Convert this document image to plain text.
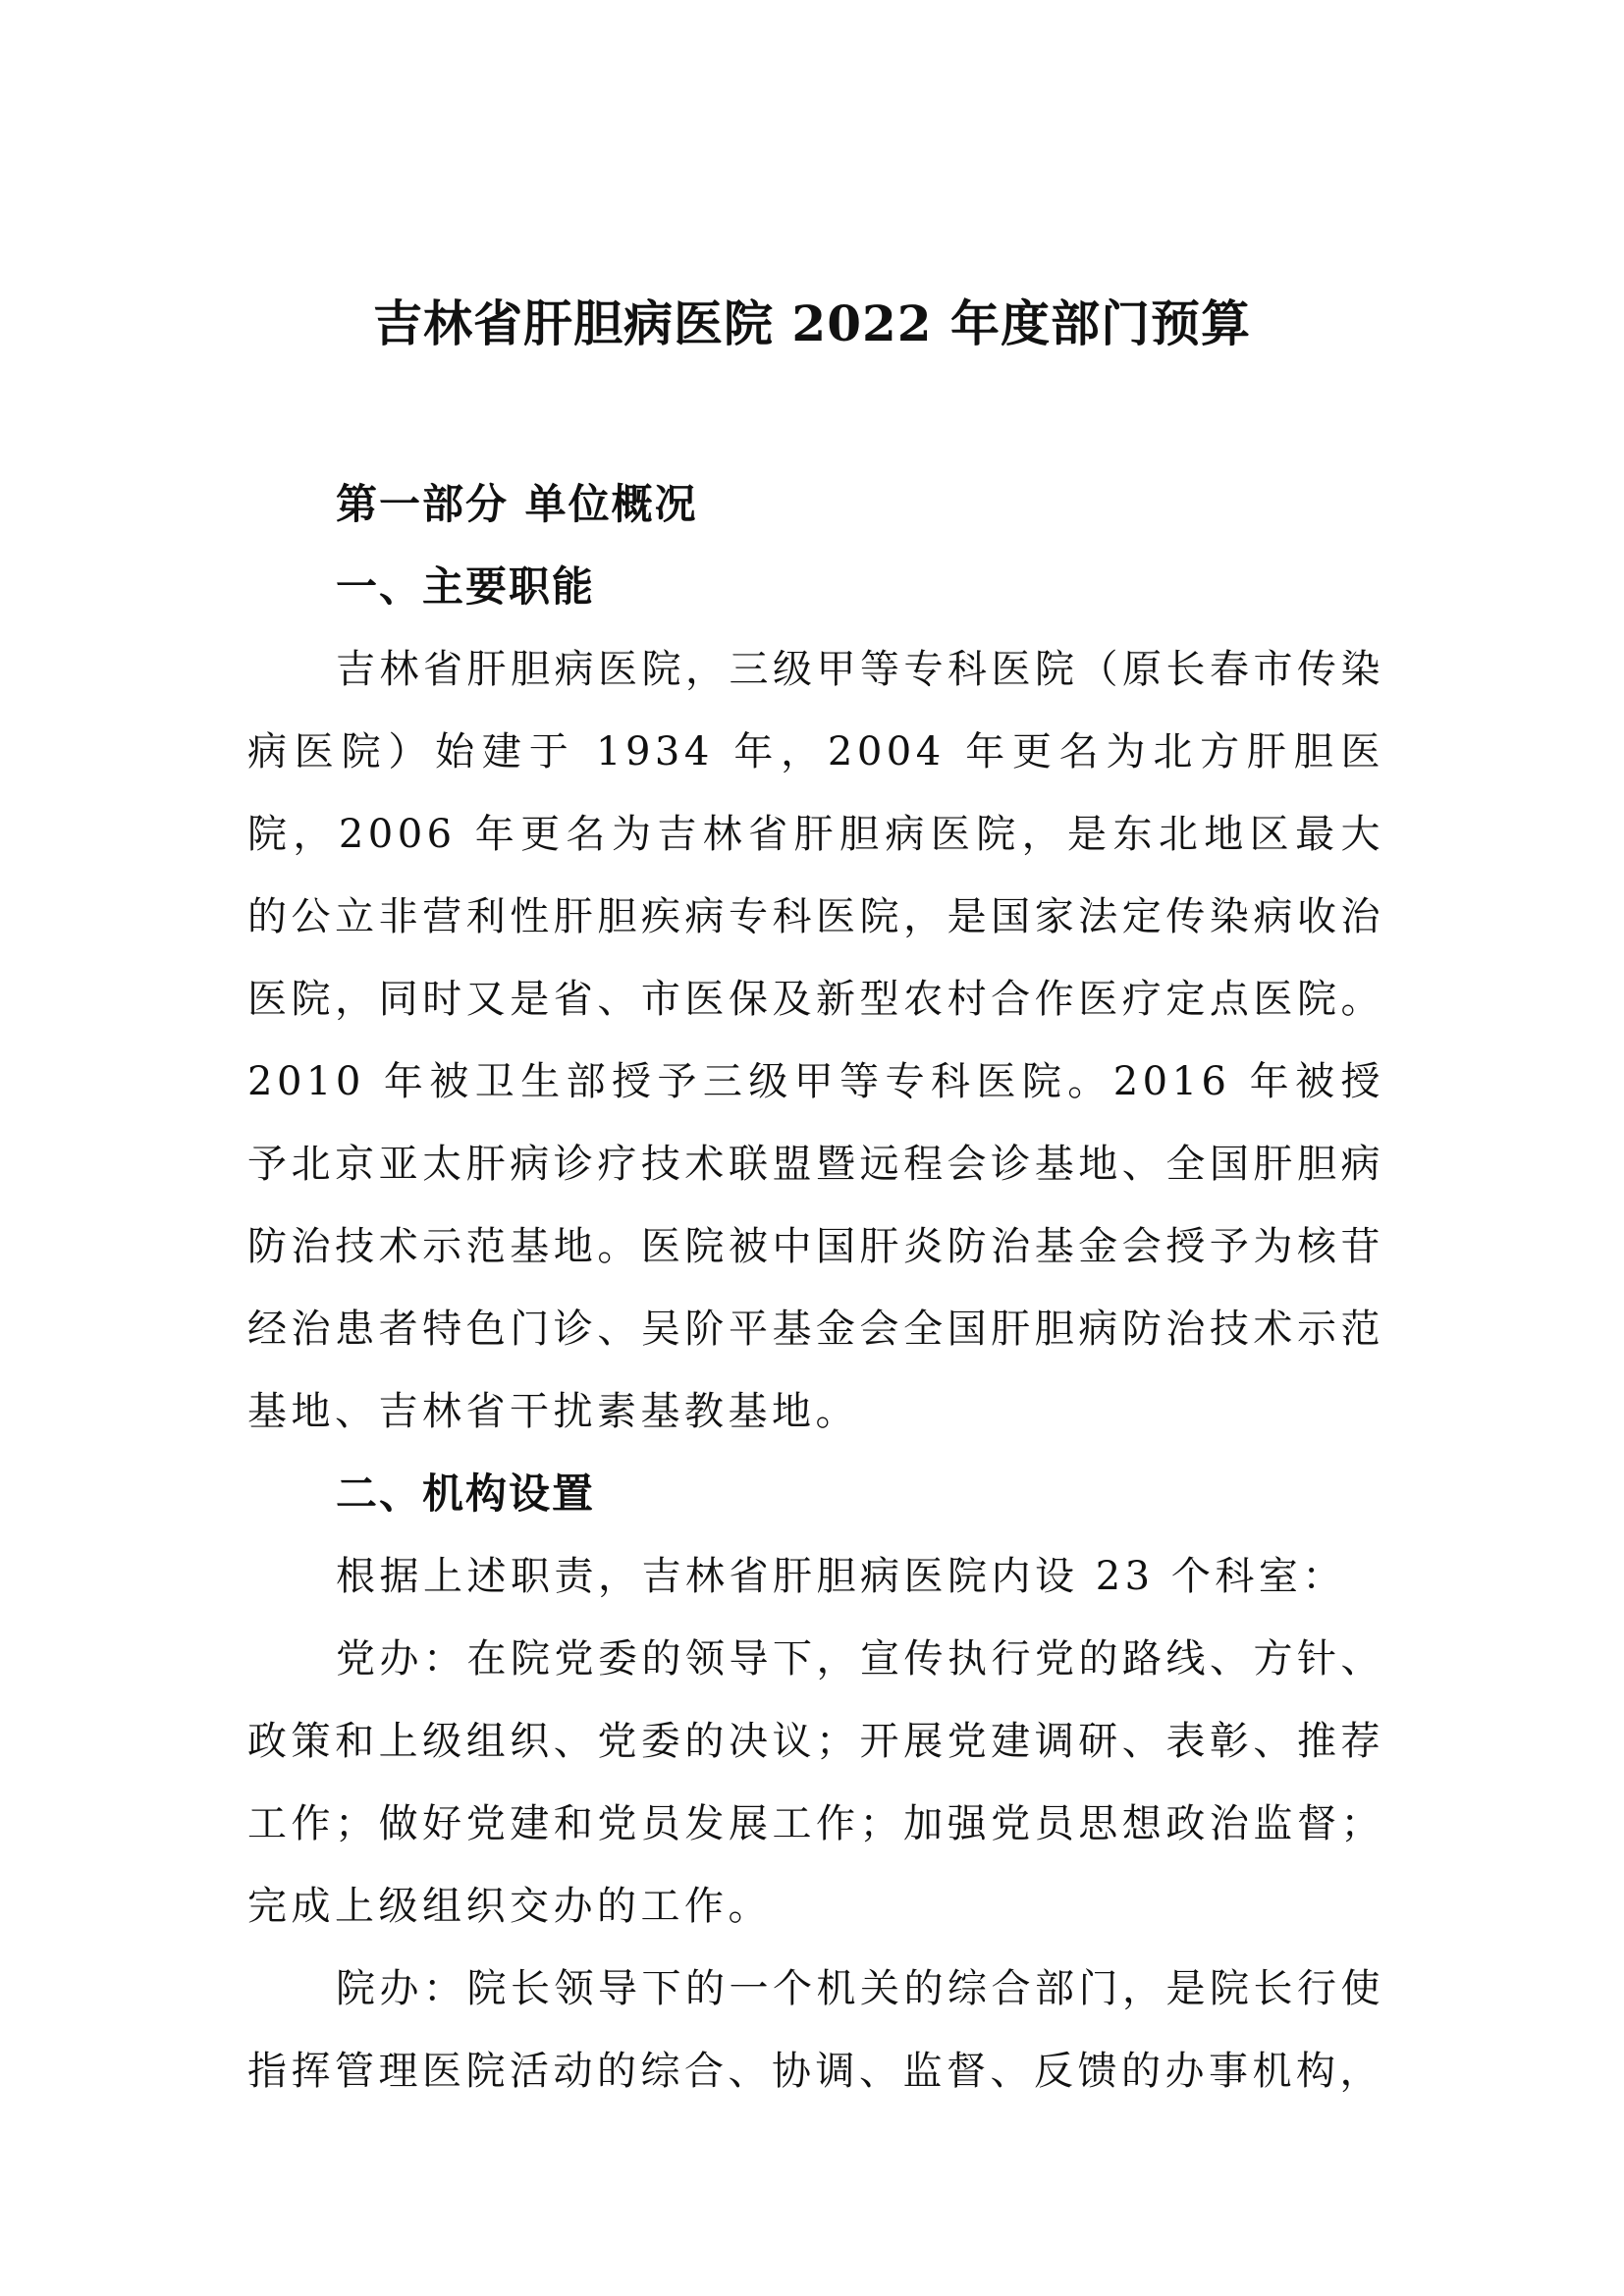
吉林省肝胆病医院 2022 年度部门预算

第一部分 单位概况

一、主要职能

吉林省肝胆病医院，三级甲等专科医院（原长春市传染病医院）始建于 1934 年，2004 年更名为北方肝胆医院，2006 年更名为吉林省肝胆病医院，是东北地区最大的公立非营利性肝胆疾病专科医院，是国家法定传染病收治医院，同时又是省、市医保及新型农村合作医疗定点医院。2010 年被卫生部授予三级甲等专科医院。2016 年被授予北京亚太肝病诊疗技术联盟暨远程会诊基地、全国肝胆病防治技术示范基地。医院被中国肝炎防治基金会授予为核苷经治患者特色门诊、吴阶平基金会全国肝胆病防治技术示范基地、吉林省干扰素基教基地。

二、机构设置

根据上述职责，吉林省肝胆病医院内设 23 个科室：

党办：在院党委的领导下，宣传执行党的路线、方针、政策和上级组织、党委的决议；开展党建调研、表彰、推荐工作；做好党建和党员发展工作；加强党员思想政治监督；完成上级组织交办的工作。

院办：院长领导下的一个机关的综合部门，是院长行使指挥管理医院活动的综合、协调、监督、反馈的办事机构，
